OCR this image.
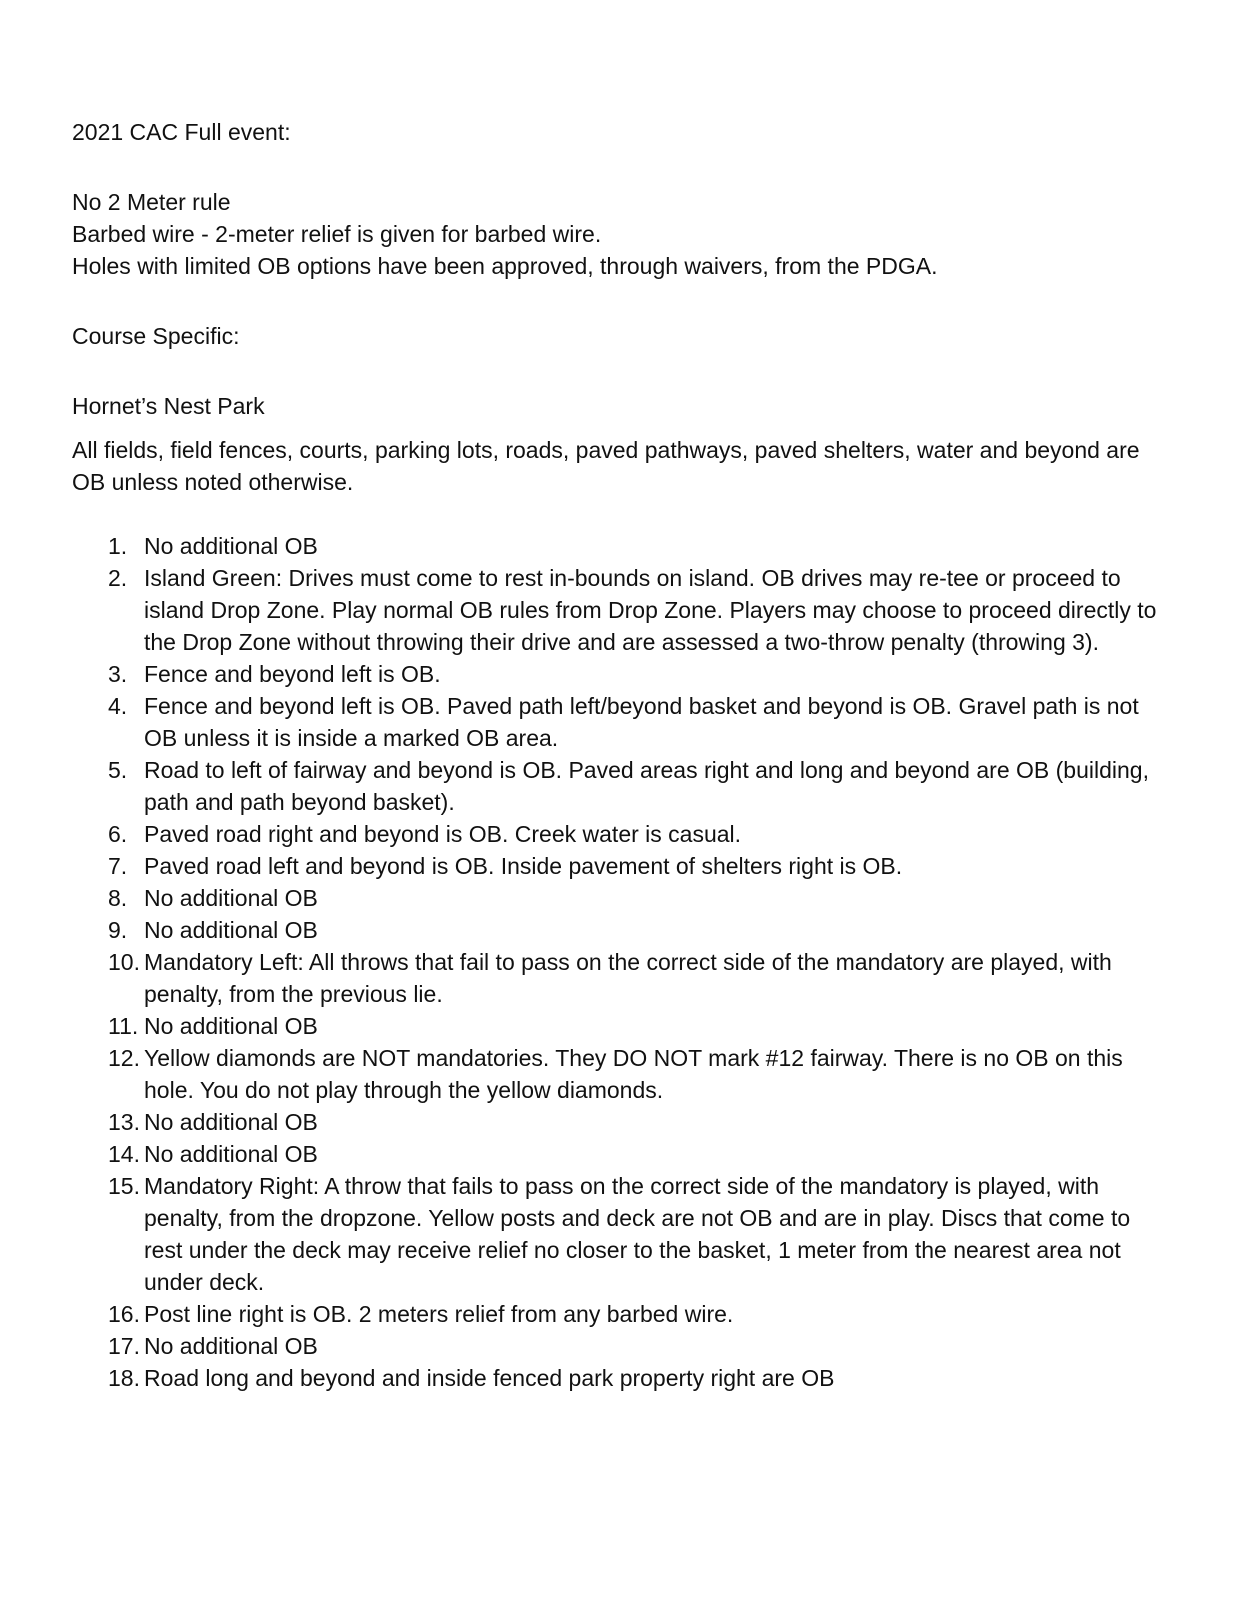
2021 CAC Full event:

No 2 Meter rule

Barbed wire - 2-meter relief is given for barbed wire.

Holes with limited OB options have been approved, through waivers, from the PDGA.

Course Specific:

Hornet’s Nest Park

All fields, field fences, courts, parking lots, roads, paved pathways, paved shelters, water and beyond are OB unless noted otherwise.

1. No additional OB
2. Island Green: Drives must come to rest in-bounds on island. OB drives may re-tee or proceed to island Drop Zone. Play normal OB rules from Drop Zone. Players may choose to proceed directly to the Drop Zone without throwing their drive and are assessed a two-throw penalty (throwing 3).
3. Fence and beyond left is OB.
4. Fence and beyond left is OB. Paved path left/beyond basket and beyond is OB. Gravel path is not OB unless it is inside a marked OB area.
5. Road to left of fairway and beyond is OB. Paved areas right and long and beyond are OB (building, path and path beyond basket).
6. Paved road right and beyond is OB. Creek water is casual.
7. Paved road left and beyond is OB. Inside pavement of shelters right is OB.
8. No additional OB
9. No additional OB
10. Mandatory Left: All throws that fail to pass on the correct side of the mandatory are played, with penalty, from the previous lie.
11. No additional OB
12. Yellow diamonds are NOT mandatories. They DO NOT mark #12 fairway. There is no OB on this hole. You do not play through the yellow diamonds.
13. No additional OB
14. No additional OB
15. Mandatory Right: A throw that fails to pass on the correct side of the mandatory is played, with penalty, from the dropzone. Yellow posts and deck are not OB and are in play. Discs that come to rest under the deck may receive relief no closer to the basket, 1 meter from the nearest area not under deck.
16. Post line right is OB. 2 meters relief from any barbed wire.
17. No additional OB
18. Road long and beyond and inside fenced park property right are OB
